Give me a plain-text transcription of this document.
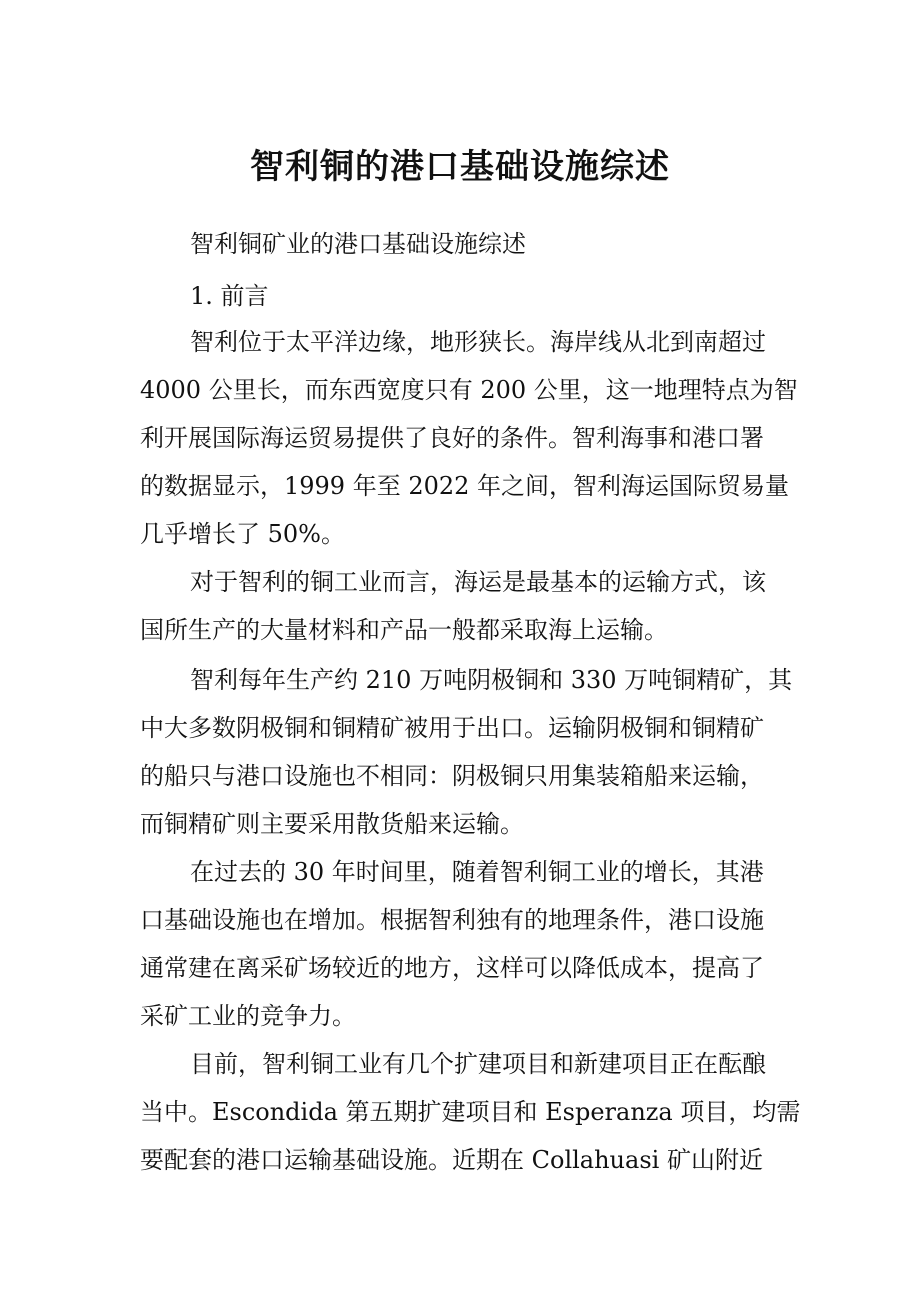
智利铜的港口基础设施综述

智利铜矿业的港口基础设施综述

1. 前言

智利位于太平洋边缘，地形狭长。海岸线从北到南超过

4000 公里长，而东西宽度只有 200 公里，这一地理特点为智

利开展国际海运贸易提供了良好的条件。智利海事和港口署

的数据显示，1999 年至 2022 年之间，智利海运国际贸易量

几乎增长了 50%。

对于智利的铜工业而言，海运是最基本的运输方式，该

国所生产的大量材料和产品一般都采取海上运输。

智利每年生产约 210 万吨阴极铜和 330 万吨铜精矿，其

中大多数阴极铜和铜精矿被用于出口。运输阴极铜和铜精矿

的船只与港口设施也不相同：阴极铜只用集装箱船来运输，

而铜精矿则主要采用散货船来运输。

在过去的 30 年时间里，随着智利铜工业的增长，其港

口基础设施也在增加。根据智利独有的地理条件，港口设施

通常建在离采矿场较近的地方，这样可以降低成本，提高了

采矿工业的竞争力。

目前，智利铜工业有几个扩建项目和新建项目正在酝酿

当中。Escondida 第五期扩建项目和 Esperanza 项目，均需

要配套的港口运输基础设施。近期在 Collahuasi 矿山附近
